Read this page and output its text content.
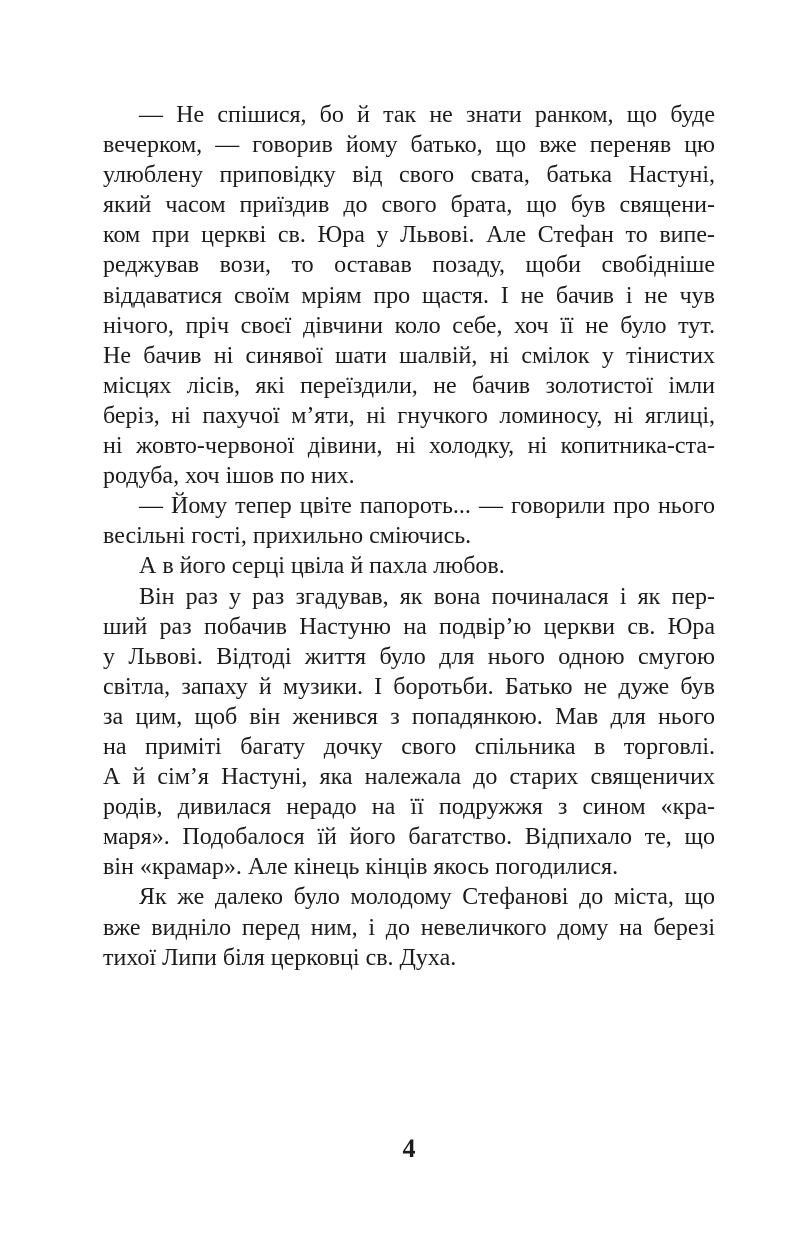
— Не спішися, бо й так не знати ранком, що буде
вечерком, — говорив йому батько, що вже переняв цю
улюблену приповідку від свого свата, батька Настуні,
який часом приїздив до свого брата, що був священи-
ком при церкві св. Юра у Львові. Але Стефан то випе-
реджував вози, то оставав позаду, щоби свобідніше
віддаватися своїм мріям про щастя. І не бачив і не чув
нічого, пріч своєї дівчини коло себе, хоч її не було тут.
Не бачив ні синявої шати шалвій, ні смілок у тінистих
місцях лісів, які переїздили, не бачив золотистої імли
беріз, ні пахучої м’яти, ні гнучкого ломиносу, ні яглиці,
ні жовто-червоної дівини, ні холодку, ні копитника-ста-
родуба, хоч ішов по них.
— Йому тепер цвіте папороть... — говорили про нього
весільні гості, прихильно сміючись.
А в його серці цвіла й пахла любов.
Він раз у раз згадував, як вона починалася і як пер-
ший раз побачив Настуню на подвір’ю церкви св. Юра
у Львові. Відтоді життя було для нього одною смугою
світла, запаху й музики. І боротьби. Батько не дуже був
за цим, щоб він женився з попадянкою. Мав для нього
на приміті багату дочку свого спільника в торговлі.
А й сім’я Настуні, яка належала до старих священичих
родів, дивилася нерадо на її подружжя з сином «кра-
маря». Подобалося їй його багатство. Відпихало те, що
він «крамар». Але кінець кінців якось погодилися.
Як же далеко було молодому Стефанові до міста, що
вже видніло перед ним, і до невеличкого дому на березі
тихої Липи біля церковці св. Духа.
4
